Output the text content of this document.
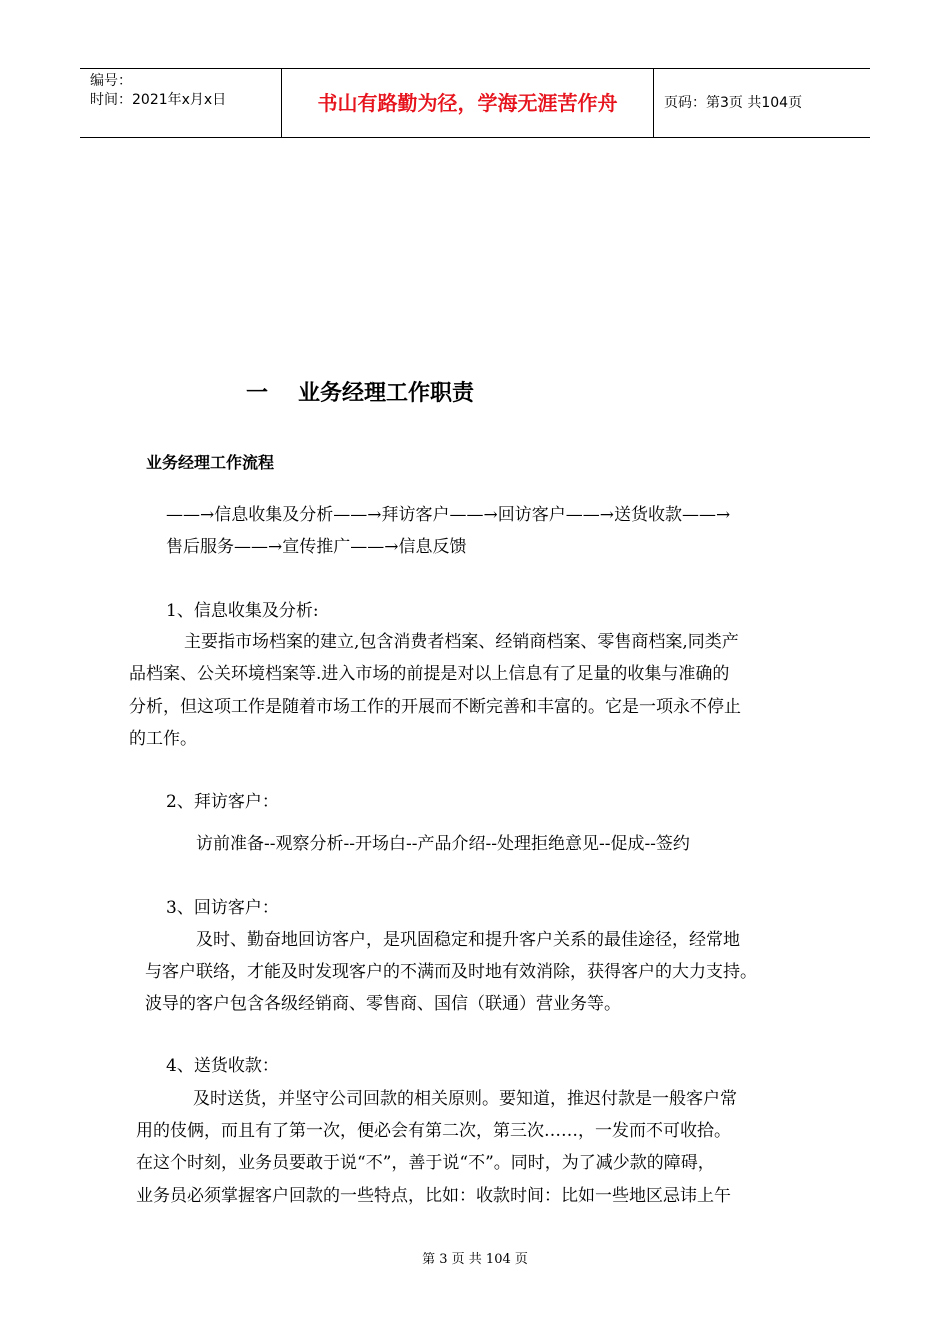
编号：
时间：2021年x月x日	书山有路勤为径，学海无涯苦作舟	页码：第3页 共104页
一 业务经理工作职责
业务经理工作流程
——→信息收集及分析——→拜访客户——→回访客户——→送货收款——→
售后服务——→宣传推广——→信息反馈
1、信息收集及分析:
主要指市场档案的建立,包含消费者档案、经销商档案、零售商档案,同类产
品档案、公关环境档案等.进入市场的前提是对以上信息有了足量的收集与准确的
分析，但这项工作是随着市场工作的开展而不断完善和丰富的。它是一项永不停止
的工作。
2、拜访客户：
访前准备--观察分析--开场白--产品介绍--处理拒绝意见--促成--签约
3、回访客户：
及时、勤奋地回访客户，是巩固稳定和提升客户关系的最佳途径，经常地
与客户联络，才能及时发现客户的不满而及时地有效消除，获得客户的大力支持。
波导的客户包含各级经销商、零售商、国信（联通）营业务等。
4、送货收款：
及时送货，并坚守公司回款的相关原则。要知道，推迟付款是一般客户常
用的伎俩，而且有了第一次，便必会有第二次，第三次……，一发而不可收拾。
在这个时刻，业务员要敢于说“不”，善于说“不”。同时，为了减少款的障碍，
业务员必须掌握客户回款的一些特点，比如：收款时间：比如一些地区忌讳上午
第 3 页 共 104 页
